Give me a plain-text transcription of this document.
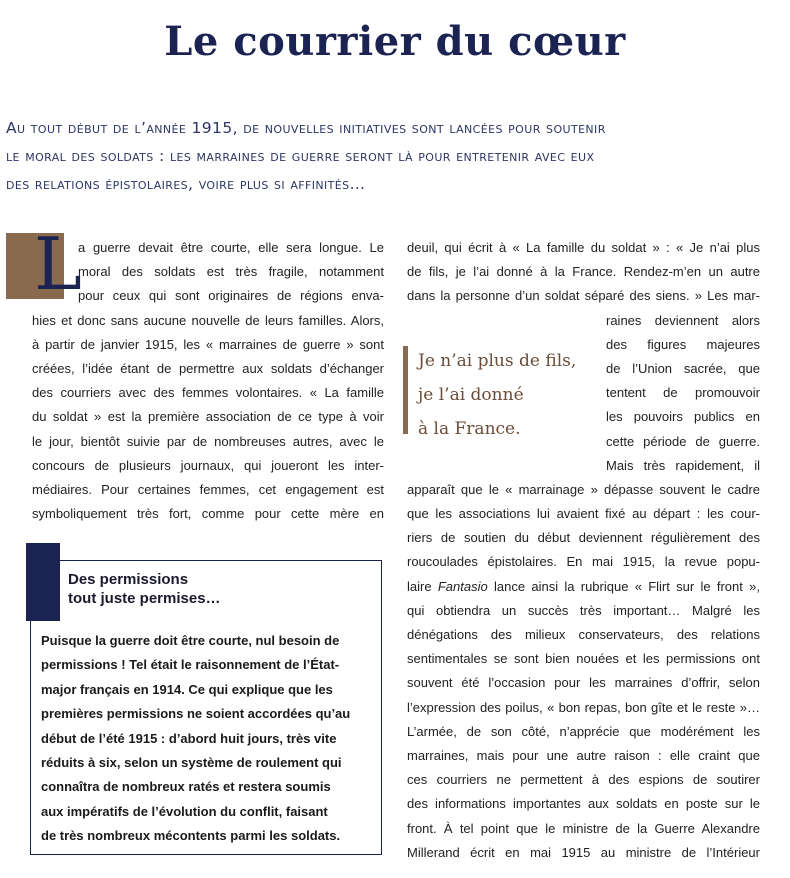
Le courrier du cœur
Au tout début de l’année 1915, de nouvelles initiatives sont lancées pour soutenir
le moral des soldats : les marraines de guerre seront là pour entretenir avec eux
des relations épistolaires, voire plus si affinités…
L
a guerre devait être courte, elle sera longue. Le
moral des soldats est très fragile, notamment
pour ceux qui sont originaires de régions enva-
hies et donc sans aucune nouvelle de leurs familles. Alors,
à partir de janvier 1915, les « marraines de guerre » sont
créées, l’idée étant de permettre aux soldats d’échanger
des courriers avec des femmes volontaires. « La famille
du soldat » est la première association de ce type à voir
le jour, bientôt suivie par de nombreuses autres, avec le
concours de plusieurs journaux, qui joueront les inter-
médiaires. Pour certaines femmes, cet engagement est
symboliquement très fort, comme pour cette mère en
deuil, qui écrit à « La famille du soldat » : « Je n’ai plus
de fils, je l’ai donné à la France. Rendez-m’en un autre
dans la personne d’un soldat séparé des siens. » Les mar-
raines deviennent alors
des figures majeures
de l’Union sacrée, que
tentent de promouvoir
les pouvoirs publics en
cette période de guerre.
Mais très rapidement, il
apparaît que le « marrainage » dépasse souvent le cadre
que les associations lui avaient fixé au départ : les cour-
riers de soutien du début deviennent régulièrement des
roucoulades épistolaires. En mai 1915, la revue popu-
laire Fantasio lance ainsi la rubrique « Flirt sur le front »,
qui obtiendra un succès très important… Malgré les
dénégations des milieux conservateurs, des relations
sentimentales se sont bien nouées et les permissions ont
souvent été l’occasion pour les marraines d’offrir, selon
l’expression des poilus, « bon repas, bon gîte et le reste »…
L’armée, de son côté, n’apprécie que modérément les
marraines, mais pour une autre raison : elle craint que
ces courriers ne permettent à des espions de soutirer
des informations importantes aux soldats en poste sur le
front. À tel point que le ministre de la Guerre Alexandre
Millerand écrit en mai 1915 au ministre de l’Intérieur
Je n’ai plus de fils,
je l’ai donné
à la France.
Des permissions
tout juste permises…
Puisque la guerre doit être courte, nul besoin de
permissions ! Tel était le raisonnement de l’État-
major français en 1914. Ce qui explique que les
premières permissions ne soient accordées qu’au
début de l’été 1915 : d’abord huit jours, très vite
réduits à six, selon un système de roulement qui
connaîtra de nombreux ratés et restera soumis
aux impératifs de l’évolution du conflit, faisant
de très nombreux mécontents parmi les soldats.
